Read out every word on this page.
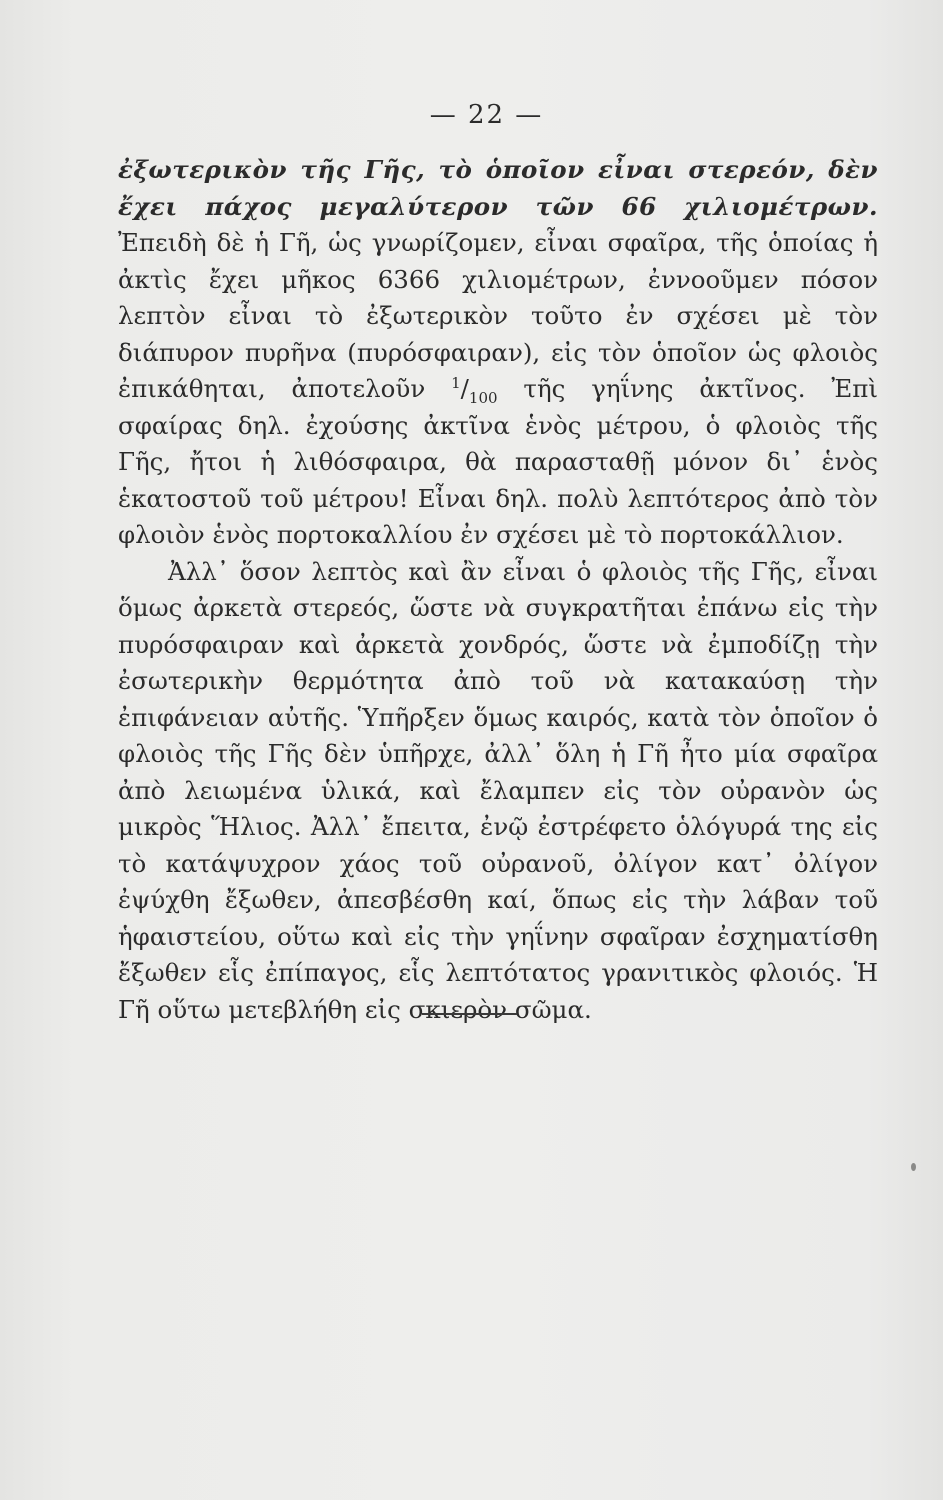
— 22 —

ἐξωτερικὸν τῆς Γῆς, τὸ ὁποῖον εἶναι στερεόν, δὲν ἔχει πάχος μεγαλύτερον τῶν 66 χιλιομέτρων. Ἐπειδὴ δὲ ἡ Γῆ, ὡς γνωρίζομεν, εἶναι σφαῖρα, τῆς ὁποίας ἡ ἀκτὶς ἔχει μῆκος 6366 χιλιομέτρων, ἐννοοῦμεν πόσον λεπτὸν εἶναι τὸ ἐξωτερικὸν τοῦτο ἐν σχέσει μὲ τὸν διάπυρον πυρῆνα (πυρόσφαιραν), εἰς τὸν ὁποῖον ὡς φλοιὸς ἐπικάθηται, ἀποτελοῦν $^1/_{100}$ τῆς γηΐνης ἀκτῖνος. Ἐπὶ σφαίρας δηλ. ἐχούσης ἀκτῖνα ἑνὸς μέτρου, ὁ φλοιὸς τῆς Γῆς, ἤτοι ἡ λιθόσφαιρα, θὰ παρασταθῇ μόνον δι᾿ ἑνὸς ἑκατοστοῦ τοῦ μέτρου! Εἶναι δηλ. πολὺ λεπτότερος ἀπὸ τὸν φλοιὸν ἑνὸς πορτοκαλλίου ἐν σχέσει μὲ τὸ πορτοκάλλιον.

Ἀλλ᾿ ὅσον λεπτὸς καὶ ἂν εἶναι ὁ φλοιὸς τῆς Γῆς, εἶναι ὅμως ἀρκετὰ στερεός, ὥστε νὰ συγκρατῆται ἐπάνω εἰς τὴν πυρόσφαιραν καὶ ἀρκετὰ χονδρός, ὥστε νὰ ἐμποδίζῃ τὴν ἐσωτερικὴν θερμότητα ἀπὸ τοῦ νὰ κατακαύσῃ τὴν ἐπιφάνειαν αὐτῆς. Ὑπῆρξεν ὅμως καιρός, κατὰ τὸν ὁποῖον ὁ φλοιὸς τῆς Γῆς δὲν ὑπῆρχε, ἀλλ᾿ ὅλη ἡ Γῆ ἦτο μία σφαῖρα ἀπὸ λειωμένα ὑλικά, καὶ ἔλαμπεν εἰς τὸν οὐρανὸν ὡς μικρὸς Ἥλιος. Ἀλλ᾿ ἔπειτα, ἐνῷ ἐστρέφετο ὁλόγυρά της εἰς τὸ κατάψυχρον χάος τοῦ οὐρανοῦ, ὀλίγον κατ᾿ ὀλίγον ἐψύχθη ἔξωθεν, ἀπεσβέσθη καί, ὅπως εἰς τὴν λάβαν τοῦ ἡφαιστείου, οὕτω καὶ εἰς τὴν γηΐνην σφαῖραν ἐσχηματίσθη ἔξωθεν εἷς ἐπίπαγος, εἷς λεπτότατος γρανιτικὸς φλοιός. Ἡ Γῆ οὕτω μετεβλήθη εἰς σκιερὸν σῶμα.
